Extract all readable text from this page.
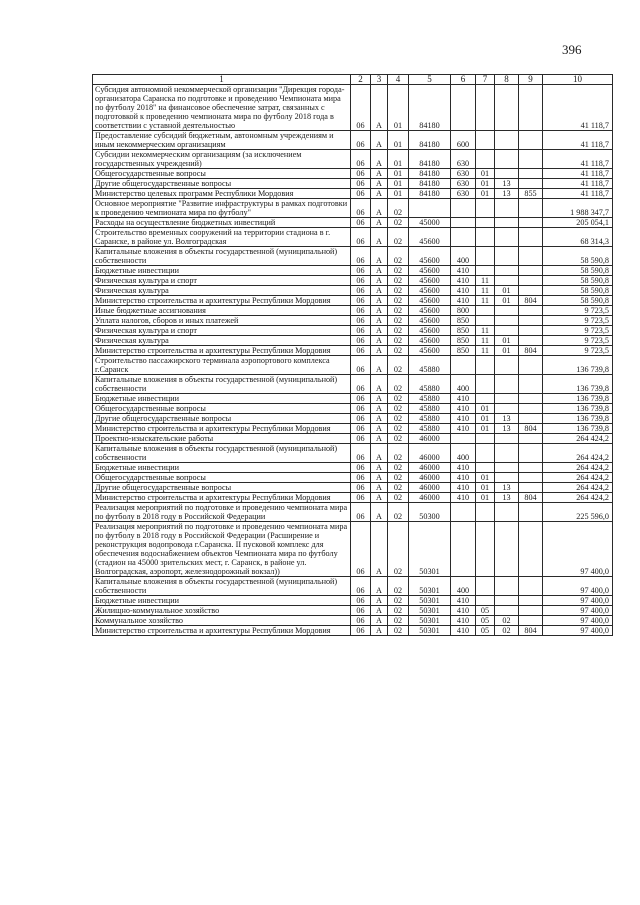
396
1	2	3	4	5	6	7	8	9	10
Субсидия автономной некоммерческой организации "Дирекция города-организатора Саранска по подготовке и проведению Чемпионата мира по футболу 2018" на финансовое обеспечение затрат, связанных с подготовкой к проведению чемпионата мира по футболу 2018 года в соответствии с уставной деятельностью	06	А	01	84180					41 118,7
Предоставление субсидий бюджетным, автономным учреждениям и иным некоммерческим организациям	06	А	01	84180	600				41 118,7
Субсидии некоммерческим организациям (за исключением государственных учреждений)	06	А	01	84180	630				41 118,7
Общегосударственные вопросы	06	А	01	84180	630	01			41 118,7
Другие общегосударственные вопросы	06	А	01	84180	630	01	13		41 118,7
Министерство целевых программ Республики Мордовия	06	А	01	84180	630	01	13	855	41 118,7
Основное мероприятие "Развитие инфраструктуры в рамках подготовки к проведению чемпионата мира по футболу"	06	А	02						1 988 347,7
Расходы на осуществление бюджетных инвестиций	06	А	02	45000					205 054,1
Строительство временных сооружений на территории стадиона в г. Саранске, в районе ул. Волгоградская	06	А	02	45600					68 314,3
Капитальные вложения в объекты государственной (муниципальной) собственности	06	А	02	45600	400				58 590,8
Бюджетные инвестиции	06	А	02	45600	410				58 590,8
Физическая культура и спорт	06	А	02	45600	410	11			58 590,8
Физическая культура	06	А	02	45600	410	11	01		58 590,8
Министерство строительства и архитектуры Республики Мордовия	06	А	02	45600	410	11	01	804	58 590,8
Иные бюджетные ассигнования	06	А	02	45600	800				9 723,5
Уплата налогов, сборов и иных платежей	06	А	02	45600	850				9 723,5
Физическая культура и спорт	06	А	02	45600	850	11			9 723,5
Физическая культура	06	А	02	45600	850	11	01		9 723,5
Министерство строительства и архитектуры Республики Мордовия	06	А	02	45600	850	11	01	804	9 723,5
Строительство пассажирского терминала аэропортового комплекса г.Саранск	06	А	02	45880					136 739,8
Капитальные вложения в объекты государственной (муниципальной) собственности	06	А	02	45880	400				136 739,8
Бюджетные инвестиции	06	А	02	45880	410				136 739,8
Общегосударственные вопросы	06	А	02	45880	410	01			136 739,8
Другие общегосударственные вопросы	06	А	02	45880	410	01	13		136 739,8
Министерство строительства и архитектуры Республики Мордовия	06	А	02	45880	410	01	13	804	136 739,8
Проектно-изыскательские работы	06	А	02	46000					264 424,2
Капитальные вложения в объекты государственной (муниципальной) собственности	06	А	02	46000	400				264 424,2
Бюджетные инвестиции	06	А	02	46000	410				264 424,2
Общегосударственные вопросы	06	А	02	46000	410	01			264 424,2
Другие общегосударственные вопросы	06	А	02	46000	410	01	13		264 424,2
Министерство строительства и архитектуры Республики Мордовия	06	А	02	46000	410	01	13	804	264 424,2
Реализация мероприятий по подготовке и проведению чемпионата мира по футболу в 2018 году в Российской Федерации	06	А	02	50300					225 596,0
Реализация мероприятий по подготовке и проведению чемпионата мира по футболу в 2018 году в Российской Федерации (Расширение и реконструкция водопровода г.Саранска. II пусковой комплекс для обеспечения водоснабжением объектов Чемпионата мира по футболу (стадион на 45000 зрительских мест, г. Саранск, в районе ул. Волгоградская, аэропорт, железнодорожный вокзал))	06	А	02	50301					97 400,0
Капитальные вложения в объекты государственной (муниципальной) собственности	06	А	02	50301	400				97 400,0
Бюджетные инвестиции	06	А	02	50301	410				97 400,0
Жилищно-коммунальное хозяйство	06	А	02	50301	410	05			97 400,0
Коммунальное хозяйство	06	А	02	50301	410	05	02		97 400,0
Министерство строительства и архитектуры Республики Мордовия	06	А	02	50301	410	05	02	804	97 400,0
